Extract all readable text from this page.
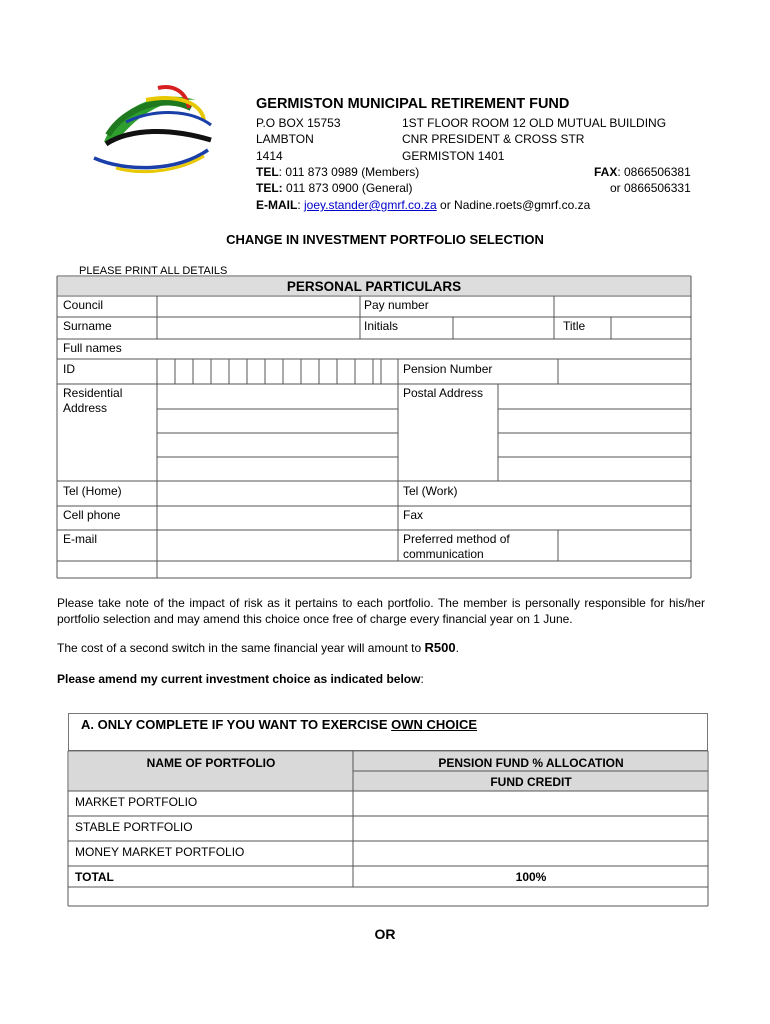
GERMISTON MUNICIPAL RETIREMENT FUND
P.O BOX 15753	1ST FLOOR ROOM 12 OLD MUTUAL BUILDING
LAMBTON	CNR PRESIDENT & CROSS STR
1414	GERMISTON 1401
TEL: 011 873 0989 (Members)	FAX: 0866506381
TEL: 011 873 0900 (General)	or 0866506331
E-MAIL: joey.stander@gmrf.co.za or Nadine.roets@gmrf.co.za
CHANGE IN INVESTMENT PORTFOLIO SELECTION
PLEASE PRINT ALL DETAILS
PERSONAL PARTICULARS
Council	Pay number
Surname	Initials	Title
Full names
ID	Pension Number
Residential
Address
Postal Address
Tel (Home)	Tel (Work)
Cell phone	Fax
E-mail	Preferred method of
communication
Please take note of the impact of risk as it pertains to each portfolio. The member is personally responsible for his/her portfolio selection and may amend this choice once free of charge every financial year on 1 June.
The cost of a second switch in the same financial year will amount to R500.
Please amend my current investment choice as indicated below:
A. ONLY COMPLETE IF YOU WANT TO EXERCISE OWN CHOICE
NAME OF PORTFOLIO	PENSION FUND % ALLOCATION
FUND CREDIT
MARKET PORTFOLIO
STABLE PORTFOLIO
MONEY MARKET PORTFOLIO
TOTAL	100%
OR
